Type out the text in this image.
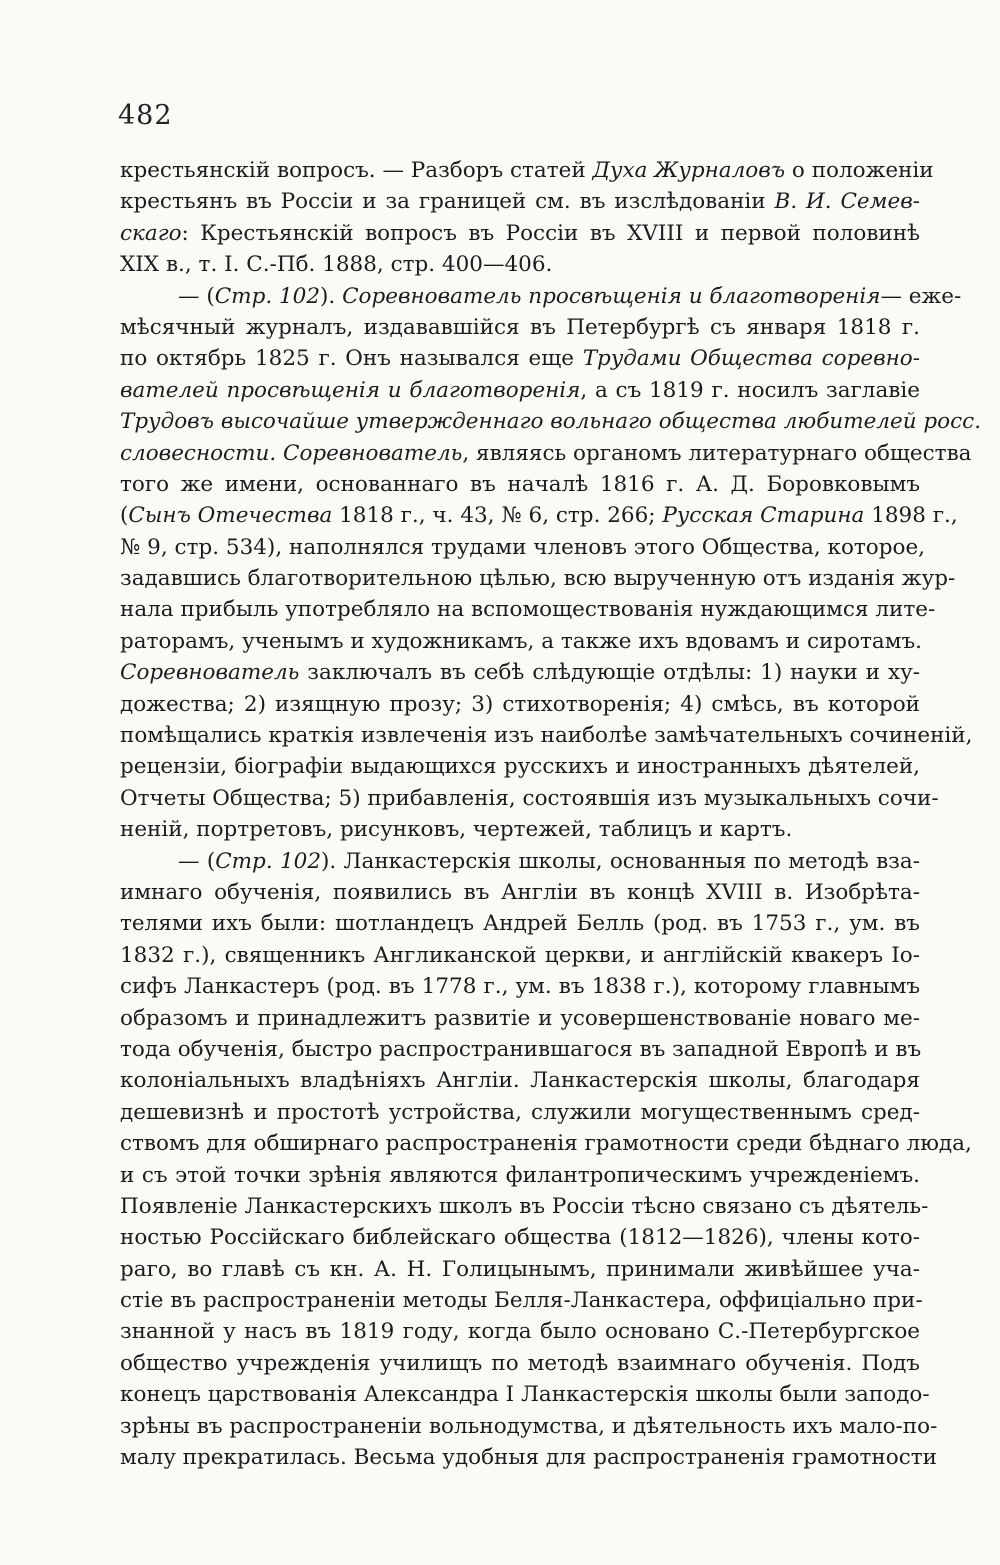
482
крестьянскій вопросъ. — Разборъ статей Духа Журналовъ о положеніи
крестьянъ въ Россіи и за границей см. въ изслѣдованіи В. И. Семев-
скаго: Крестьянскій вопросъ въ Россіи въ XVIII и первой половинѣ
XIX в., т. I. С.-Пб. 1888, стр. 400—406.
— (Стр. 102). Соревнователь просвѣщенія и благотворенія— еже-
мѣсячный журналъ, издававшійся въ Петербургѣ съ января 1818 г.
по октябрь 1825 г. Онъ назывался еще Трудами Общества соревно-
вателей просвѣщенія и благотворенія, а съ 1819 г. носилъ заглавіе
Трудовъ высочайше утвержденнаго вольнаго общества любителей росс.
словесности. Соревнователь, являясь органомъ литературнаго общества
того же имени, основаннаго въ началѣ 1816 г. А. Д. Боровковымъ
(Сынъ Отечества 1818 г., ч. 43, № 6, стр. 266; Русская Старина 1898 г.,
№ 9, стр. 534), наполнялся трудами членовъ этого Общества, которое,
задавшись благотворительною цѣлью, всю вырученную отъ изданія жур-
нала прибыль употребляло на вспомоществованія нуждающимся лите-
раторамъ, ученымъ и художникамъ, а также ихъ вдовамъ и сиротамъ.
Соревнователь заключалъ въ себѣ слѣдующіе отдѣлы: 1) науки и ху-
дожества; 2) изящную прозу; 3) стихотворенія; 4) смѣсь, въ которой
помѣщались краткія извлеченія изъ наиболѣе замѣчательныхъ сочиненій,
рецензіи, біографіи выдающихся русскихъ и иностранныхъ дѣятелей,
Отчеты Общества; 5) прибавленія, состоявшія изъ музыкальныхъ сочи-
неній, портретовъ, рисунковъ, чертежей, таблицъ и картъ.
— (Стр. 102). Ланкастерскія школы, основанныя по методѣ вза-
имнаго обученія, появились въ Англіи въ концѣ XVIII в. Изобрѣта-
телями ихъ были: шотландецъ Андрей Белль (род. въ 1753 г., ум. въ
1832 г.), священникъ Англиканской церкви, и англійскій квакеръ Іо-
сифъ Ланкастеръ (род. въ 1778 г., ум. въ 1838 г.), которому главнымъ
образомъ и принадлежитъ развитіе и усовершенствованіе новаго ме-
тода обученія, быстро распространившагося въ западной Европѣ и въ
колоніальныхъ владѣніяхъ Англіи. Ланкастерскія школы, благодаря
дешевизнѣ и простотѣ устройства, служили могущественнымъ сред-
ствомъ для обширнаго распространенія грамотности среди бѣднаго люда,
и съ этой точки зрѣнія являются филантропическимъ учрежденіемъ.
Появленіе Ланкастерскихъ школъ въ Россіи тѣсно связано съ дѣятель-
ностью Россійскаго библейскаго общества (1812—1826), члены кото-
раго, во главѣ съ кн. А. Н. Голицынымъ, принимали живѣйшее уча-
стіе въ распространеніи методы Белля-Ланкастера, оффиціально при-
знанной у насъ въ 1819 году, когда было основано С.-Петербургское
общество учрежденія училищъ по методѣ взаимнаго обученія. Подъ
конецъ царствованія Александра I Ланкастерскія школы были заподо-
зрѣны въ распространеніи вольнодумства, и дѣятельность ихъ мало-по-
малу прекратилась. Весьма удобныя для распространенія грамотности
